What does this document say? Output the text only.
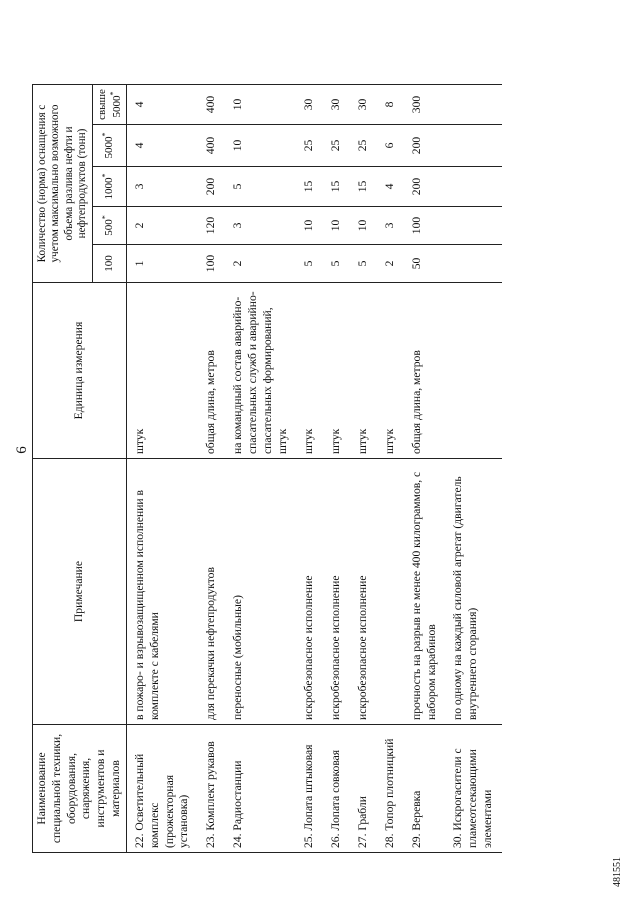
6
Наименование специальной техники, оборудования, снаряжения, инструментов и материалов	Примечание	Единица измерения	Количество (норма) оснащения с учетом максимально возможного объема разлива нефти и нефтепродуктов (тонн)				
			100	500*	1000*	5000*	свыше 5000*
22. Осветительный комплекс (прожекторная установка)	в пожаро- и взрывозащищенном исполнении в комплекте с кабелями	штук	1	2	3	4	4
23. Комплект рукавов	для перекачки нефтепродуктов	общая длина, метров	100	120	200	400	400
24. Радиостанции	переносные (мобильные)	на командный состав аварийно-спасательных служб и аварийно-спасательных формирований, штук	2	3	5	10	10
25. Лопата штыковая	искробезопасное исполнение	штук	5	10	15	25	30
26. Лопата совковая	искробезопасное исполнение	штук	5	10	15	25	30
27. Грабли	искробезопасное исполнение	штук	5	10	15	25	30
28. Топор плотницкий		штук	2	3	4	6	8
29. Веревка	прочность на разрыв не менее 400 килограммов, с набором карабинов	общая длина, метров	50	100	200	200	300
30. Искрогасители с пламеотсекающими элементами	по одному на каждый силовой агрегат (двигатель внутреннего сгорания)						
481551
